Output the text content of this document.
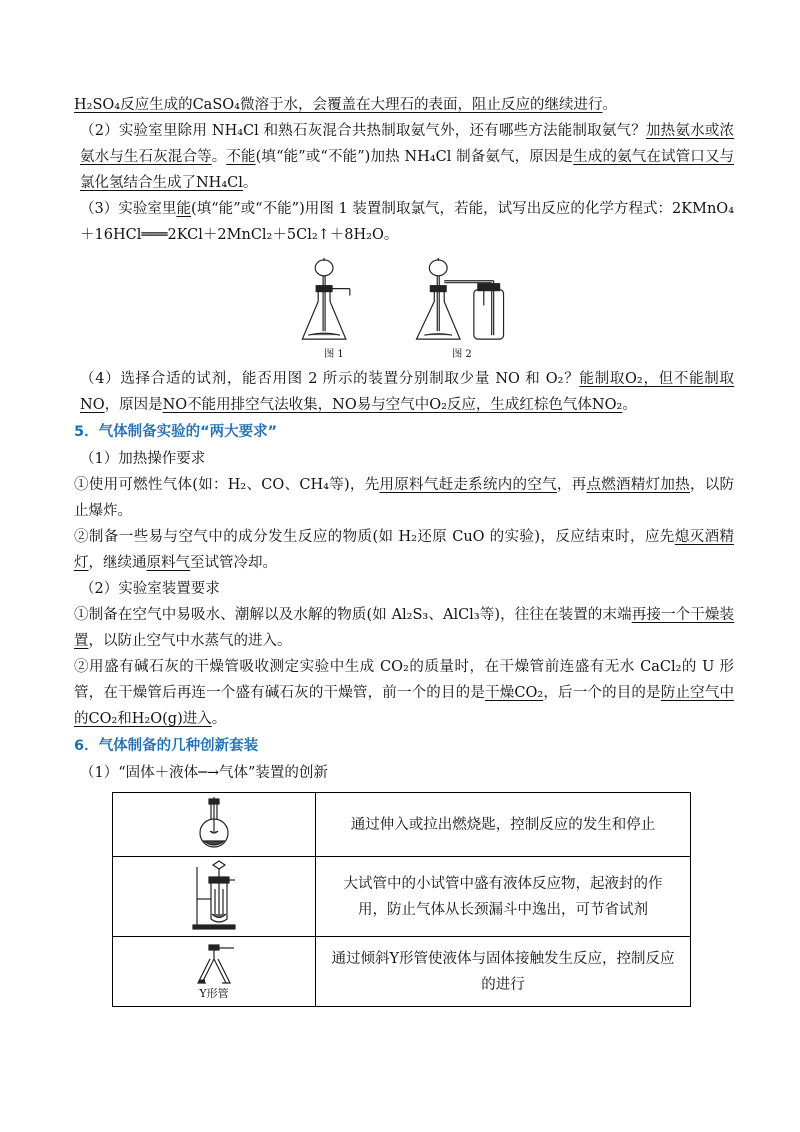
H₂SO₄反应生成的CaSO₄微溶于水，会覆盖在大理石的表面，阻止反应的继续进行。

（2）实验室里除用 NH₄Cl 和熟石灰混合共热制取氨气外，还有哪些方法能制取氨气？加热氨水或浓氨水与生石灰混合等。不能(填“能”或“不能”)加热 NH₄Cl 制备氨气，原因是生成的氨气在试管口又与氯化氢结合生成了NH₄Cl。

（3）实验室里能(填“能”或“不能”)用图 1 装置制取氯气，若能，试写出反应的化学方程式：2KMnO₄＋16HCl═══2KCl＋2MnCl₂＋5Cl₂↑＋8H₂O。

图 1	图 2

（4）选择合适的试剂，能否用图 2 所示的装置分别制取少量 NO 和 O₂？能制取O₂，但不能制取NO，原因是NO不能用排空气法收集，NO易与空气中O₂反应，生成红棕色气体NO₂。

5．气体制备实验的“两大要求”

（1）加热操作要求

①使用可燃性气体(如：H₂、CO、CH₄等)，先用原料气赶走系统内的空气，再点燃酒精灯加热，以防止爆炸。

②制备一些易与空气中的成分发生反应的物质(如 H₂还原 CuO 的实验)，反应结束时，应先熄灭酒精灯，继续通原料气至试管冷却。

（2）实验室装置要求

①制备在空气中易吸水、潮解以及水解的物质(如 Al₂S₃、AlCl₃等)，往往在装置的末端再接一个干燥装置，以防止空气中水蒸气的进入。

②用盛有碱石灰的干燥管吸收测定实验中生成 CO₂的质量时，在干燥管前连盛有无水 CaCl₂的 U 形管，在干燥管后再连一个盛有碱石灰的干燥管，前一个的目的是干燥CO₂，后一个的目的是防止空气中的CO₂和H₂O(g)进入。

6．气体制备的几种创新套装

（1）“固体＋液体─→气体”装置的创新

	通过伸入或拉出燃烧匙，控制反应的发生和停止
	大试管中的小试管中盛有液体反应物，起液封的作用，防止气体从长颈漏斗中逸出，可节省试剂

Y形管	通过倾斜Y形管使液体与固体接触发生反应，控制反应的进行
